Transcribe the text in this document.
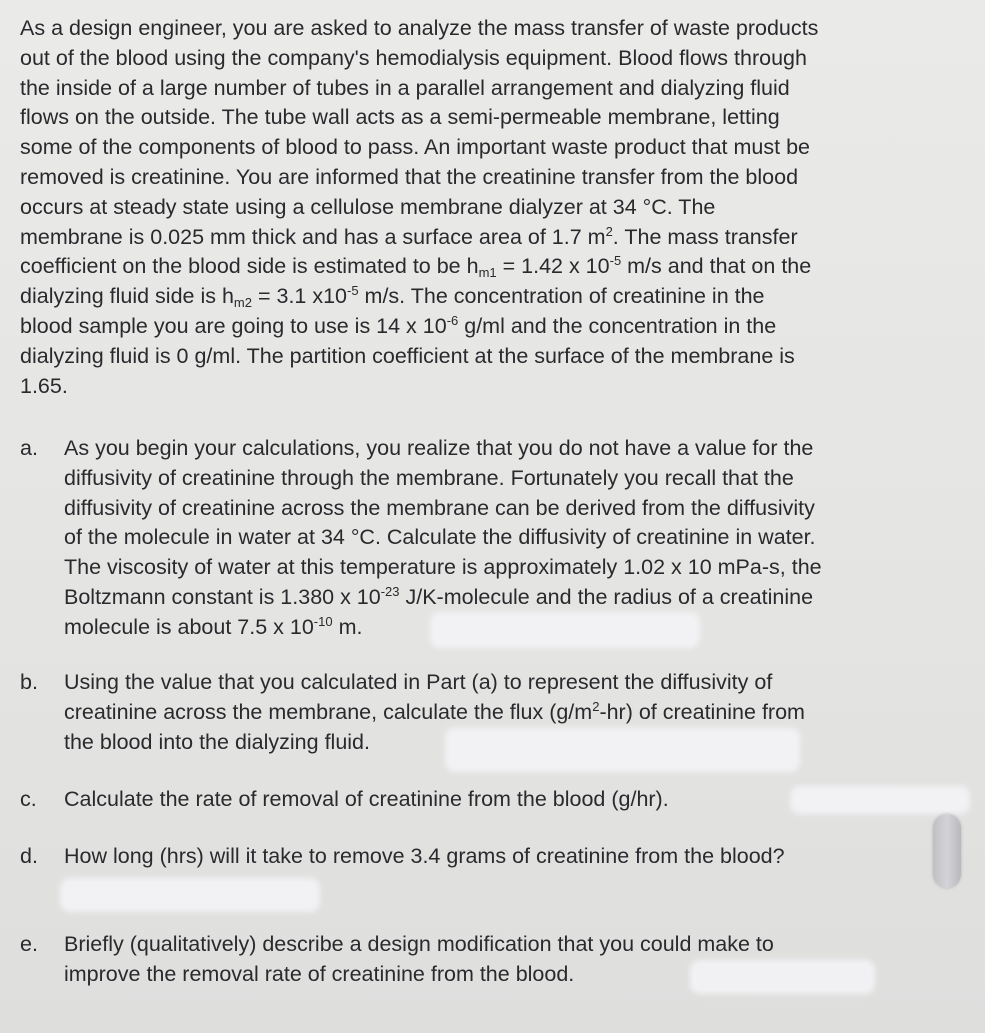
As a design engineer, you are asked to analyze the mass transfer of waste products
out of the blood using the company's hemodialysis equipment. Blood flows through
the inside of a large number of tubes in a parallel arrangement and dialyzing fluid
flows on the outside. The tube wall acts as a semi-permeable membrane, letting
some of the components of blood to pass. An important waste product that must be
removed is creatinine. You are informed that the creatinine transfer from the blood
occurs at steady state using a cellulose membrane dialyzer at 34 °C. The
membrane is 0.025 mm thick and has a surface area of 1.7 $m^2$. The mass transfer
coefficient on the blood side is estimated to be $h_{m1} = 1.42$ x $10^{-5}$ m/s and that on the
dialyzing fluid side is $h_{m2} = 3.1$ $x10^{-5}$ m/s. The concentration of creatinine in the
blood sample you are going to use is 14 x $10^{-6}$ g/ml and the concentration in the
dialyzing fluid is 0 g/ml. The partition coefficient at the surface of the membrane is
1.65.
a.	As you begin your calculations, you realize that you do not have a value for the
diffusivity of creatinine through the membrane. Fortunately you recall that the
diffusivity of creatinine across the membrane can be derived from the diffusivity
of the molecule in water at 34 °C. Calculate the diffusivity of creatinine in water.
The viscosity of water at this temperature is approximately 1.02 x 10 mPa-s, the
Boltzmann constant is 1.380 x $10^{-23}$ J/K-molecule and the radius of a creatinine
molecule is about 7.5 x $10^{-10}$ m.
b.	Using the value that you calculated in Part (a) to represent the diffusivity of
creatinine across the membrane, calculate the flux $(g/m^2-hr)$ of creatinine from
the blood into the dialyzing fluid.
c.	Calculate the rate of removal of creatinine from the blood (g/hr).
d.	How long (hrs) will it take to remove 3.4 grams of creatinine from the blood?
e.	Briefly (qualitatively) describe a design modification that you could make to
improve the removal rate of creatinine from the blood.
